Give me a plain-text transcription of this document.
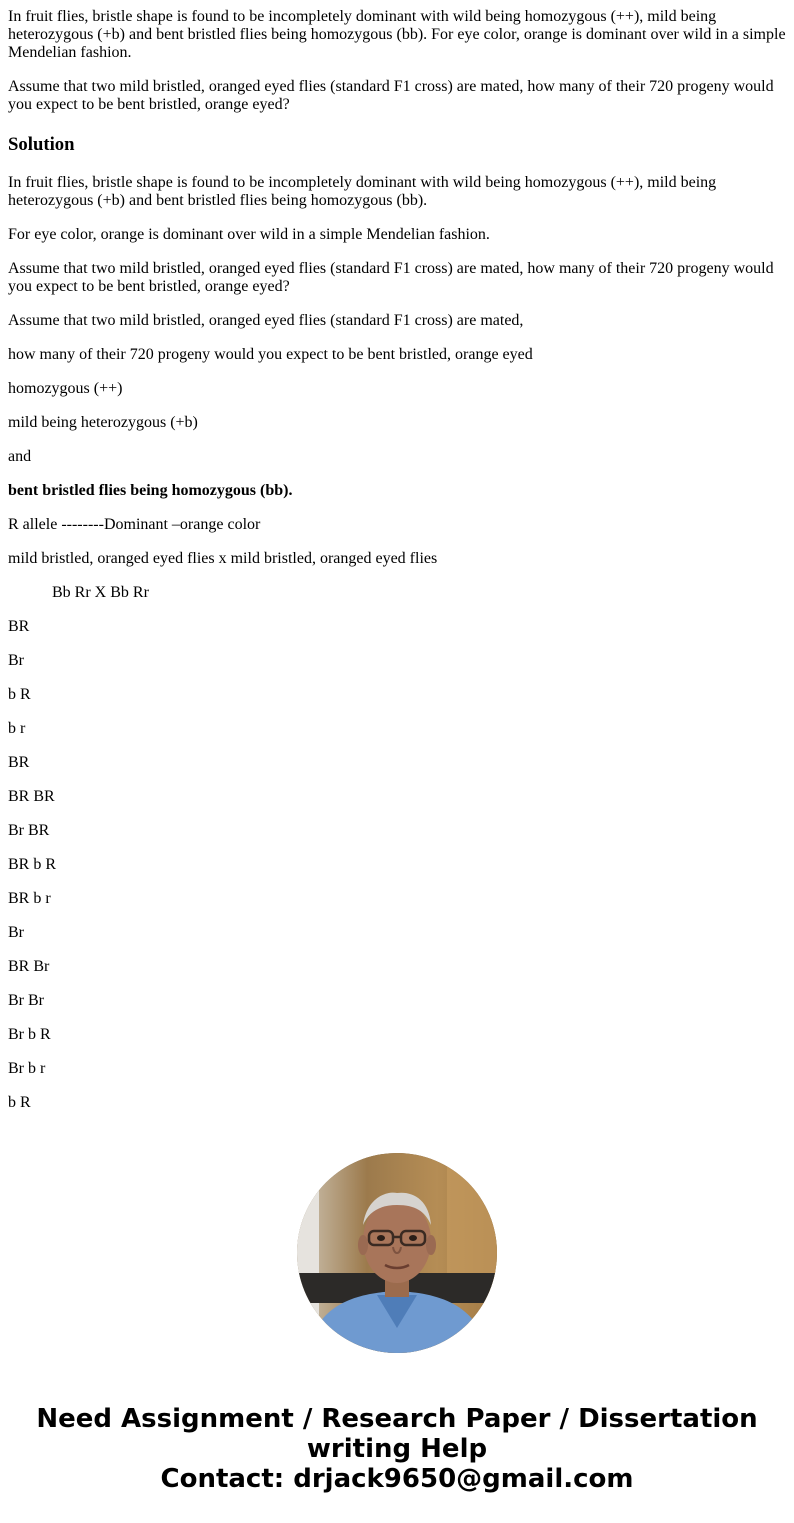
In fruit flies, bristle shape is found to be incompletely dominant with wild being homozygous (++), mild being heterozygous (+b) and bent bristled flies being homozygous (bb). For eye color, orange is dominant over wild in a simple Mendelian fashion.

Assume that two mild bristled, oranged eyed flies (standard F1 cross) are mated, how many of their 720 progeny would you expect to be bent bristled, orange eyed?

Solution

In fruit flies, bristle shape is found to be incompletely dominant with wild being homozygous (++), mild being heterozygous (+b) and bent bristled flies being homozygous (bb).

For eye color, orange is dominant over wild in a simple Mendelian fashion.

Assume that two mild bristled, oranged eyed flies (standard F1 cross) are mated, how many of their 720 progeny would you expect to be bent bristled, orange eyed?

Assume that two mild bristled, oranged eyed flies (standard F1 cross) are mated,

how many of their 720 progeny would you expect to be bent bristled, orange eyed

homozygous (++)

mild being heterozygous (+b)

and

bent bristled flies being homozygous (bb).

R allele --------Dominant –orange color

mild bristled, oranged eyed flies x mild bristled, oranged eyed flies

Bb Rr X Bb Rr

BR

Br

b R

b r

BR

BR BR

Br BR

BR b R

BR b r

Br

BR Br

Br Br

Br b R

Br b r

b R

Need Assignment / Research Paper / Dissertation
writing Help
Contact: drjack9650@gmail.com
